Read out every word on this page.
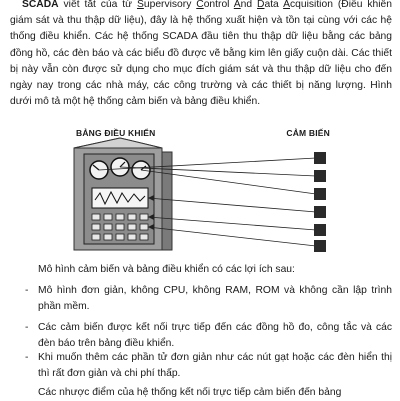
SCADA viết tắt của từ Supervisory Control And Data Acquisition (Điều khiển giám sát và thu thập dữ liệu), đây là hệ thống xuất hiện và tồn tại cùng với các hệ thống điều khiển. Các hệ thống SCADA đầu tiên thu thập dữ liệu bằng các bảng đồng hồ, các đèn báo và các biểu đồ được vẽ bằng kim lên giấy cuộn dài. Các thiết bị này vẫn còn được sử dụng cho mục đích giám sát và thu thập dữ liệu cho đến ngày nay trong các nhà máy, các công trường và các thiết bị năng lượng. Hình dưới mô tả một hệ thống cảm biến và bảng điều khiển.

BẢNG ĐIỀU KHIỂN	CẢM BIẾN

Mô hình cảm biến và bảng điều khiển có các lợi ích sau:

- Mô hình đơn giản, không CPU, không RAM, ROM và không cần lập trình phần mềm.

- Các cảm biến được kết nối trực tiếp đến các đồng hồ đo, công tắc và các đèn báo trên bảng điều khiển.

- Khi muốn thêm các phần tử đơn giản như các nút gạt hoặc các đèn hiển thị thì rất đơn giản và chi phí thấp.

Các nhược điểm của hệ thống kết nối trực tiếp cảm biến đến bảng
